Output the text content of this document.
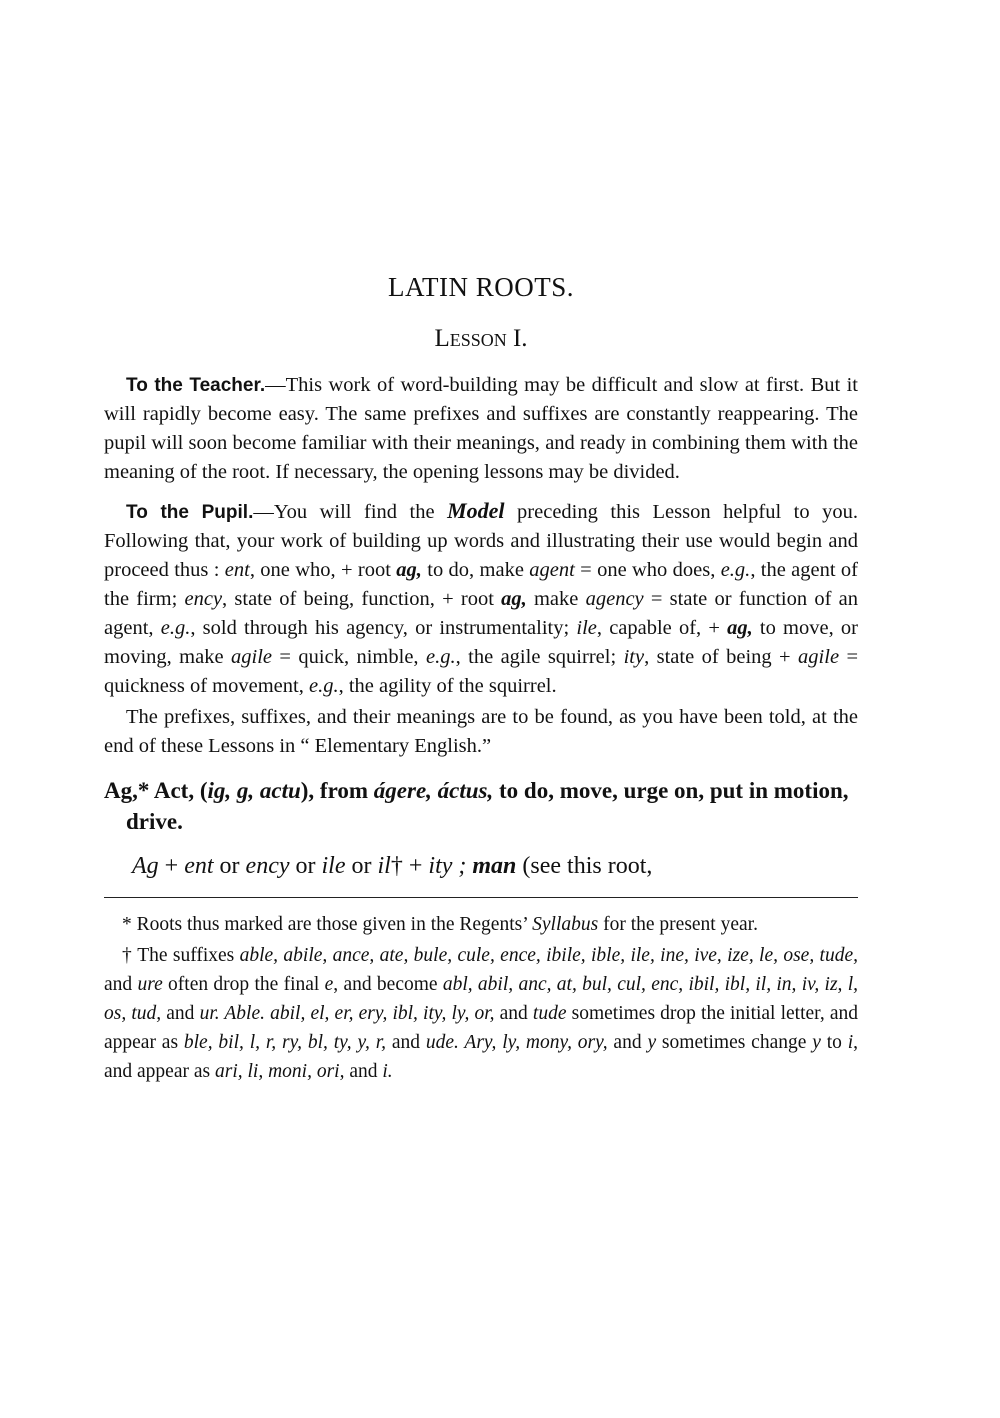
LATIN ROOTS.
Lesson I.

To the Teacher.—This work of word-building may be difficult and slow at first. But it will rapidly become easy. The same prefixes and suffixes are constantly reappearing. The pupil will soon become familiar with their meanings, and ready in combining them with the meaning of the root. If necessary, the opening lessons may be divided.

To the Pupil.—You will find the Model preceding this Lesson helpful to you. Following that, your work of building up words and illustrating their use would begin and proceed thus : ent, one who, + root ag, to do, make agent = one who does, e.g., the agent of the firm; ency, state of being, function, + root ag, make agency = state or function of an agent, e.g., sold through his agency, or instrumentality; ile, capable of, + ag, to move, or moving, make agile = quick, nimble, e.g., the agile squirrel; ity, state of being + agile = quickness of movement, e.g., the agility of the squirrel.

The prefixes, suffixes, and their meanings are to be found, as you have been told, at the end of these Lessons in “ Elementary English.”

Ag,* Act, (ig, g, actu), from ágere, áctus, to do, move, urge on, put in motion, drive.

Ag + ent or ency or ile or il† + ity ; man (see this root,

* Roots thus marked are those given in the Regents’ Syllabus for the present year.

† The suffixes able, abile, ance, ate, bule, cule, ence, ibile, ible, ile, ine, ive, ize, le, ose, tude, and ure often drop the final e, and become abl, abil, anc, at, bul, cul, enc, ibil, ibl, il, in, iv, iz, l, os, tud, and ur. Able. abil, el, er, ery, ibl, ity, ly, or, and tude sometimes drop the initial letter, and appear as ble, bil, l, r, ry, bl, ty, y, r, and ude. Ary, ly, mony, ory, and y sometimes change y to i, and appear as ari, li, moni, ori, and i.
